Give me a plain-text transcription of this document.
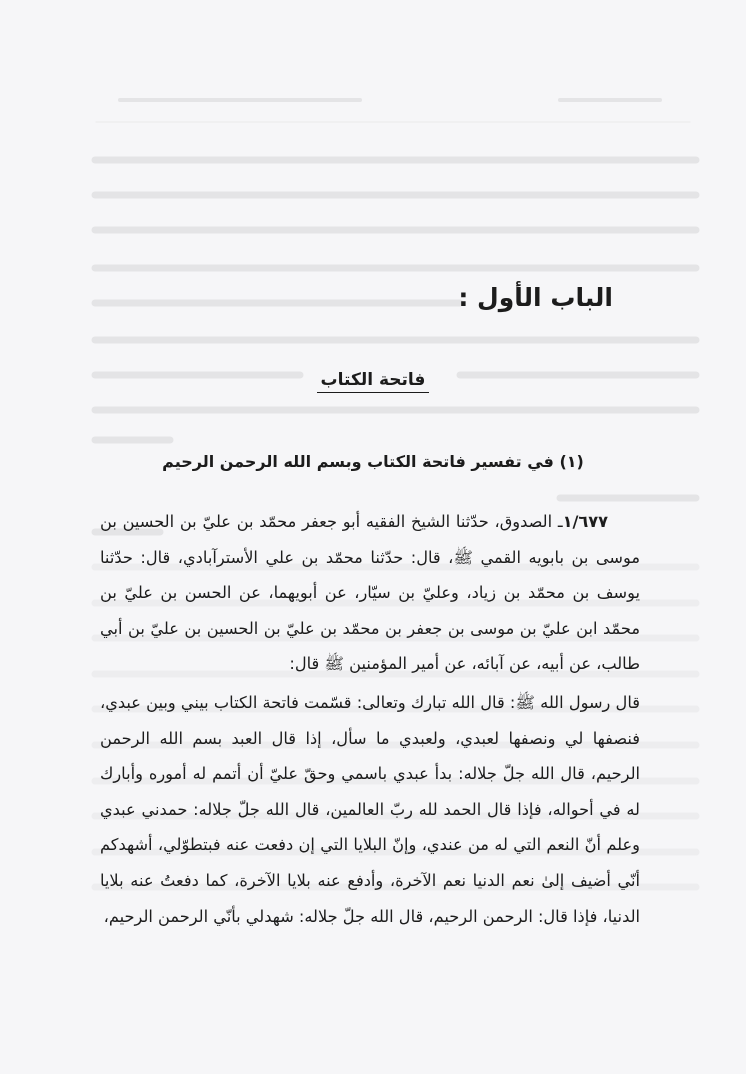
الباب الأول :
فاتحة الكتاب
(١) في تفسير فاتحة الكتاب وبسم الله الرحمن الرحيم

١/٦٧٧ـ الصدوق، حدّثنا الشيخ الفقيه أبو جعفر محمّد بن عليّ بن الحسين بن موسى بن بابويه القمي ﷺ، قال: حدّثنا محمّد بن علي الأسترآبادي، قال: حدّثنا يوسف بن محمّد بن زياد، وعليّ بن سيّار، عن أبويهما، عن الحسن بن عليّ بن محمّد ابن عليّ بن موسى بن جعفر بن محمّد بن عليّ بن الحسين بن عليّ بن أبي طالب، عن أبيه، عن آبائه، عن أمير المؤمنين ﷺ قال:

قال رسول الله ﷺ: قال الله تبارك وتعالى: قسّمت فاتحة الكتاب بيني وبين عبدي، فنصفها لي ونصفها لعبدي، ولعبدي ما سأل، إذا قال العبد بسم الله الرحمن الرحيم، قال الله جلّ جلاله: بدأ عبدي باسمي وحقّ عليّ أن أتمم له أموره وأبارك له في أحواله، فإذا قال الحمد لله ربّ العالمين، قال الله جلّ جلاله: حمدني عبدي وعلم أنّ النعم التي له من عندي، وإنّ البلايا التي إن دفعت عنه فبتطوّلي، أشهدكم أنّي أضيف إلىٰ نعم الدنيا نعم الآخرة، وأدفع عنه بلايا الآخرة، كما دفعتُ عنه بلايا الدنيا، فإذا قال: الرحمن الرحيم، قال الله جلّ جلاله: شهدلي بأنّي الرحمن الرحيم،
